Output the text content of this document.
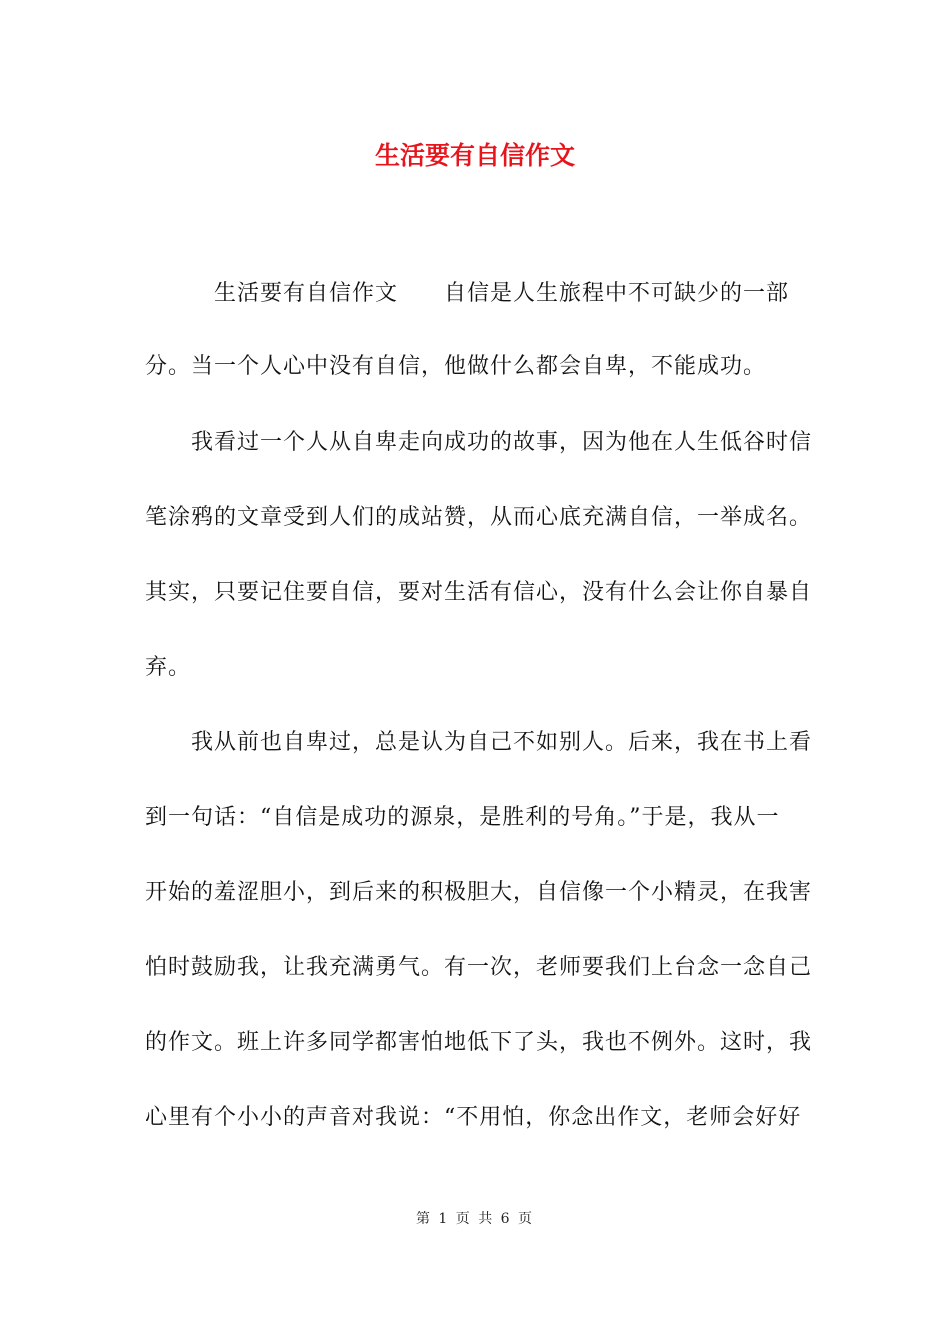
生活要有自信作文
　　　生活要有自信作文　　自信是人生旅程中不可缺少的一部
分。当一个人心中没有自信，他做什么都会自卑，不能成功。
　　我看过一个人从自卑走向成功的故事，因为他在人生低谷时信
笔涂鸦的文章受到人们的成站赞，从而心底充满自信，一举成名。
其实，只要记住要自信，要对生活有信心，没有什么会让你自暴自
弃。
　　我从前也自卑过，总是认为自己不如别人。后来，我在书上看
到一句话：“自信是成功的源泉，是胜利的号角。”于是，我从一
开始的羞涩胆小，到后来的积极胆大，自信像一个小精灵，在我害
怕时鼓励我，让我充满勇气。有一次，老师要我们上台念一念自己
的作文。班上许多同学都害怕地低下了头，我也不例外。这时，我
心里有个小小的声音对我说：“不用怕，你念出作文，老师会好好
第 1 页 共 6 页
